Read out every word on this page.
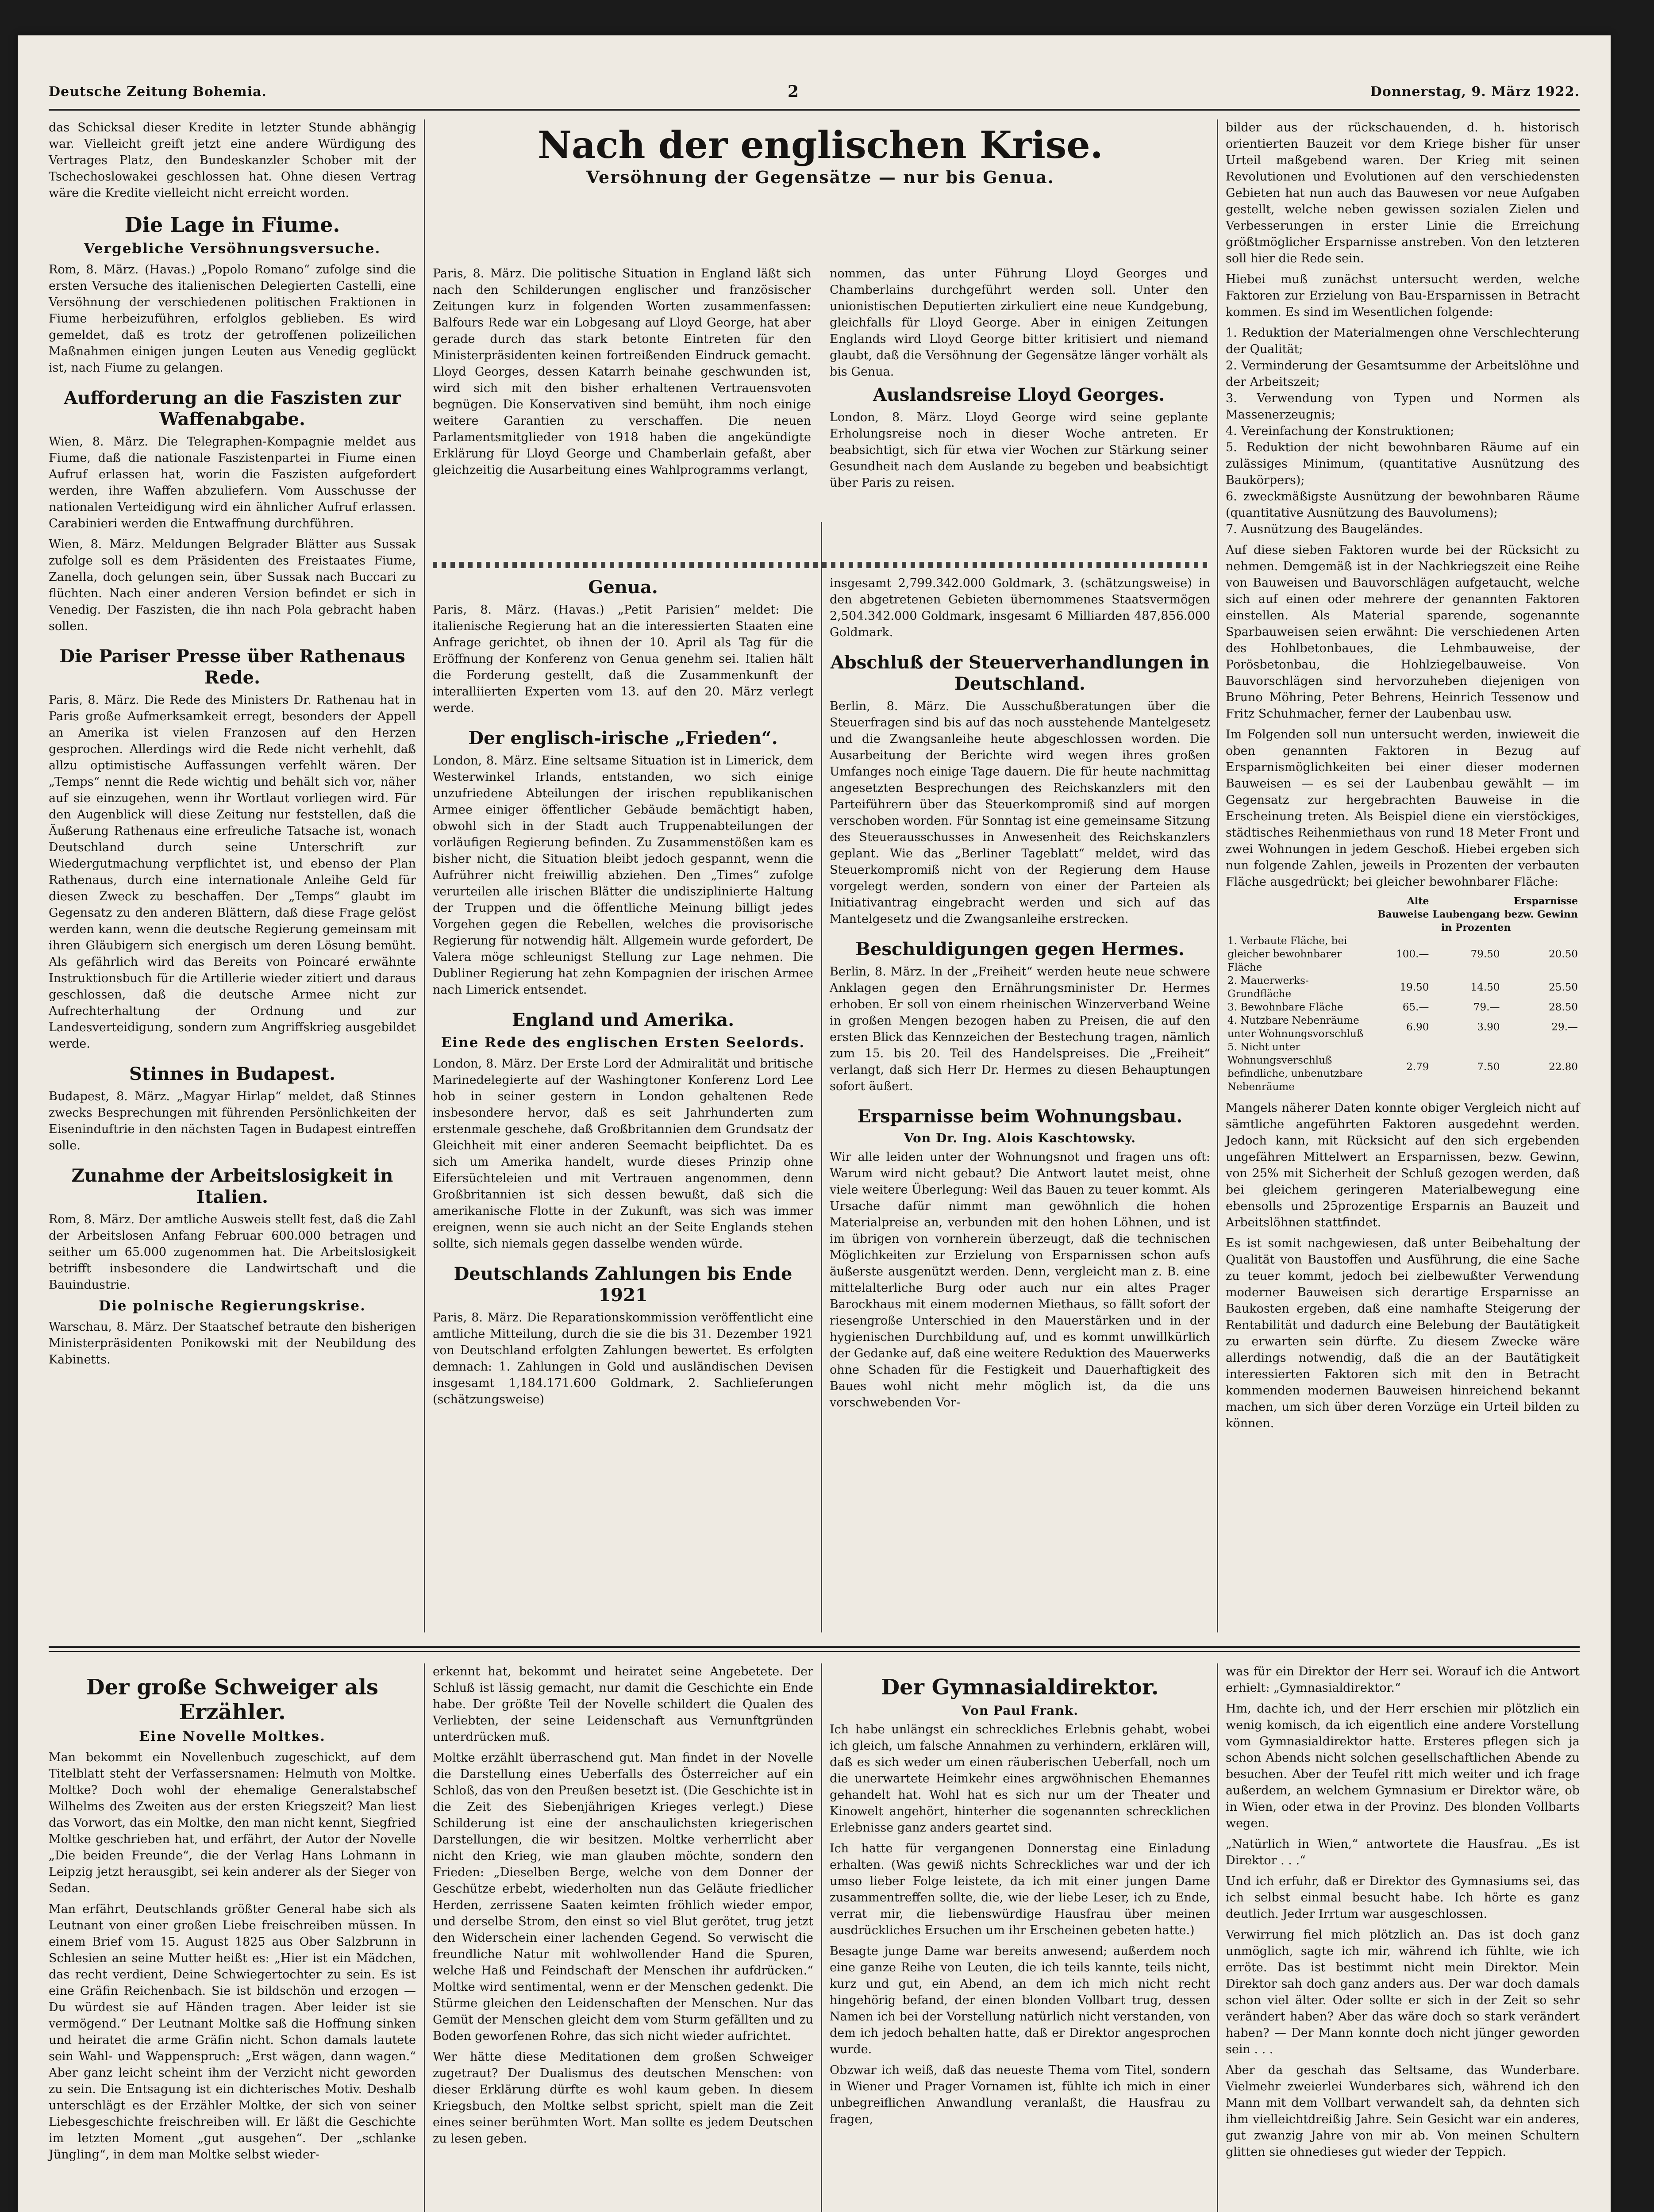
Deutsche Zeitung Bohemia.	2	Donnerstag, 9. März 1922.

das Schicksal dieser Kredite in letzter Stunde abhängig war. Vielleicht greift jetzt eine andere Würdigung des Vertrages Platz, den Bundeskanzler Schober mit der Tschechoslowakei geschlossen hat. Ohne diesen Vertrag wäre die Kredite vielleicht nicht erreicht worden.

Die Lage in Fiume.
Vergebliche Versöhnungsversuche.

Rom, 8. März. (Havas.) „Popolo Romano“ zufolge sind die ersten Versuche des italienischen Delegierten Castelli, eine Versöhnung der verschiedenen politischen Fraktionen in Fiume herbeizuführen, erfolglos geblieben. Es wird gemeldet, daß es trotz der getroffenen polizeilichen Maßnahmen einigen jungen Leuten aus Venedig geglückt ist, nach Fiume zu gelangen.

Aufforderung an die Faszisten zur Waffenabgabe.

Wien, 8. März. Die Telegraphen-Kompagnie meldet aus Fiume, daß die nationale Faszistenpartei in Fiume einen Aufruf erlassen hat, worin die Faszisten aufgefordert werden, ihre Waffen abzuliefern. Vom Ausschusse der nationalen Verteidigung wird ein ähnlicher Aufruf erlassen. Carabinieri werden die Entwaffnung durchführen.

Wien, 8. März. Meldungen Belgrader Blätter aus Sussak zufolge soll es dem Präsidenten des Freistaates Fiume, Zanella, doch gelungen sein, über Sussak nach Buccari zu flüchten. Nach einer anderen Version befindet er sich in Venedig. Der Faszisten, die ihn nach Pola gebracht haben sollen.

Die Pariser Presse über Rathenaus Rede.

Paris, 8. März. Die Rede des Ministers Dr. Rathenau hat in Paris große Aufmerksamkeit erregt, besonders der Appell an Amerika ist vielen Franzosen auf den Herzen gesprochen. Allerdings wird die Rede nicht verhehlt, daß allzu optimistische Auffassungen verfehlt wären. Der „Temps“ nennt die Rede wichtig und behält sich vor, näher auf sie einzugehen, wenn ihr Wortlaut vorliegen wird. Für den Augenblick will diese Zeitung nur feststellen, daß die Äußerung Rathenaus eine erfreuliche Tatsache ist, wonach Deutschland durch seine Unterschrift zur Wiedergutmachung verpflichtet ist, und ebenso der Plan Rathenaus, durch eine internationale Anleihe Geld für diesen Zweck zu beschaffen. Der „Temps“ glaubt im Gegensatz zu den anderen Blättern, daß diese Frage gelöst werden kann, wenn die deutsche Regierung gemeinsam mit ihren Gläubigern sich energisch um deren Lösung bemüht. Als gefährlich wird das Bereits von Poincaré erwähnte Instruktionsbuch für die Artillerie wieder zitiert und daraus geschlossen, daß die deutsche Armee nicht zur Aufrechterhaltung der Ordnung und zur Landesverteidigung, sondern zum Angriffskrieg ausgebildet werde.

Stinnes in Budapest.

Budapest, 8. März. „Magyar Hirlap“ meldet, daß Stinnes zwecks Besprechungen mit führenden Persönlichkeiten der Eiseninduftrie in den nächsten Tagen in Budapest eintreffen solle.

Zunahme der Arbeitslosigkeit in Italien.

Rom, 8. März. Der amtliche Ausweis stellt fest, daß die Zahl der Arbeitslosen Anfang Februar 600.000 betragen und seither um 65.000 zugenommen hat. Die Arbeitslosigkeit betrifft insbesondere die Landwirtschaft und die Bauindustrie.

Die polnische Regierungskrise.

Warschau, 8. März. Der Staatschef betraute den bisherigen Ministerpräsidenten Ponikowski mit der Neubildung des Kabinetts.

Nach der englischen Krise.
Versöhnung der Gegensätze — nur bis Genua.

Paris, 8. März. Die politische Situation in England läßt sich nach den Schilderungen englischer und französischer Zeitungen kurz in folgenden Worten zusammenfassen: Balfours Rede war ein Lobgesang auf Lloyd George, hat aber gerade durch das stark betonte Eintreten für den Ministerpräsidenten keinen fortreißenden Eindruck gemacht. Lloyd Georges, dessen Katarrh beinahe geschwunden ist, wird sich mit den bisher erhaltenen Vertrauensvoten begnügen. Die Konservativen sind bemüht, ihm noch einige weitere Garantien zu verschaffen. Die neuen Parlamentsmitglieder von 1918 haben die angekündigte Erklärung für Lloyd George und Chamberlain gefaßt, aber gleichzeitig die Ausarbeitung eines Wahlprogramms verlangt,

nommen, das unter Führung Lloyd Georges und Chamberlains durchgeführt werden soll. Unter den unionistischen Deputierten zirkuliert eine neue Kundgebung, gleichfalls für Lloyd George. Aber in einigen Zeitungen Englands wird Lloyd George bitter kritisiert und niemand glaubt, daß die Versöhnung der Gegensätze länger vorhält als bis Genua.

Auslandsreise Lloyd Georges.

London, 8. März. Lloyd George wird seine geplante Erholungsreise noch in dieser Woche antreten. Er beabsichtigt, sich für etwa vier Wochen zur Stärkung seiner Gesundheit nach dem Auslande zu begeben und beabsichtigt über Paris zu reisen.

Genua.

Paris, 8. März. (Havas.) „Petit Parisien“ meldet: Die italienische Regierung hat an die interessierten Staaten eine Anfrage gerichtet, ob ihnen der 10. April als Tag für die Eröffnung der Konferenz von Genua genehm sei. Italien hält die Forderung gestellt, daß die Zusammenkunft der interalliierten Experten vom 13. auf den 20. März verlegt werde.

Der englisch-irische „Frieden“.

London, 8. März. Eine seltsame Situation ist in Limerick, dem Westerwinkel Irlands, entstanden, wo sich einige unzufriedene Abteilungen der irischen republikanischen Armee einiger öffentlicher Gebäude bemächtigt haben, obwohl sich in der Stadt auch Truppenabteilungen der vorläufigen Regierung befinden. Zu Zusammenstößen kam es bisher nicht, die Situation bleibt jedoch gespannt, wenn die Aufrührer nicht freiwillig abziehen. Den „Times“ zufolge verurteilen alle irischen Blätter die undisziplinierte Haltung der Truppen und die öffentliche Meinung billigt jedes Vorgehen gegen die Rebellen, welches die provisorische Regierung für notwendig hält. Allgemein wurde gefordert, De Valera möge schleunigst Stellung zur Lage nehmen. Die Dubliner Regierung hat zehn Kompagnien der irischen Armee nach Limerick entsendet.

England und Amerika.
Eine Rede des englischen Ersten Seelords.

London, 8. März. Der Erste Lord der Admiralität und britische Marinedelegierte auf der Washingtoner Konferenz Lord Lee hob in seiner gestern in London gehaltenen Rede insbesondere hervor, daß es seit Jahrhunderten zum erstenmale geschehe, daß Großbritannien dem Grundsatz der Gleichheit mit einer anderen Seemacht beipflichtet. Da es sich um Amerika handelt, wurde dieses Prinzip ohne Eifersüchteleien und mit Vertrauen angenommen, denn Großbritannien ist sich dessen bewußt, daß sich die amerikanische Flotte in der Zukunft, was sich was immer ereignen, wenn sie auch nicht an der Seite Englands stehen sollte, sich niemals gegen dasselbe wenden würde.

Deutschlands Zahlungen bis Ende 1921

Paris, 8. März. Die Reparationskommission veröffentlicht eine amtliche Mitteilung, durch die sie die bis 31. Dezember 1921 von Deutschland erfolgten Zahlungen bewertet. Es erfolgten demnach: 1. Zahlungen in Gold und ausländischen Devisen insgesamt 1,184.171.600 Goldmark, 2. Sachlieferungen (schätzungsweise)

insgesamt 2,799.342.000 Goldmark, 3. (schätzungsweise) in den abgetretenen Gebieten übernommenes Staatsvermögen 2,504.342.000 Goldmark, insgesamt 6 Milliarden 487,856.000 Goldmark.

Abschluß der Steuerverhandlungen in Deutschland.

Berlin, 8. März. Die Ausschußberatungen über die Steuerfragen sind bis auf das noch ausstehende Mantelgesetz und die Zwangsanleihe heute abgeschlossen worden. Die Ausarbeitung der Berichte wird wegen ihres großen Umfanges noch einige Tage dauern. Die für heute nachmittag angesetzten Besprechungen des Reichskanzlers mit den Parteiführern über das Steuerkompromiß sind auf morgen verschoben worden. Für Sonntag ist eine gemeinsame Sitzung des Steuerausschusses in Anwesenheit des Reichskanzlers geplant. Wie das „Berliner Tageblatt“ meldet, wird das Steuerkompromiß nicht von der Regierung dem Hause vorgelegt werden, sondern von einer der Parteien als Initiativantrag eingebracht werden und sich auf das Mantelgesetz und die Zwangsanleihe erstrecken.

Beschuldigungen gegen Hermes.

Berlin, 8. März. In der „Freiheit“ werden heute neue schwere Anklagen gegen den Ernährungsminister Dr. Hermes erhoben. Er soll von einem rheinischen Winzerverband Weine in großen Mengen bezogen haben zu Preisen, die auf den ersten Blick das Kennzeichen der Bestechung tragen, nämlich zum 15. bis 20. Teil des Handelspreises. Die „Freiheit“ verlangt, daß sich Herr Dr. Hermes zu diesen Behauptungen sofort äußert.

Ersparnisse beim Wohnungsbau.
Von Dr. Ing. Alois Kaschtowsky.

Wir alle leiden unter der Wohnungsnot und fragen uns oft: Warum wird nicht gebaut? Die Antwort lautet meist, ohne viele weitere Überlegung: Weil das Bauen zu teuer kommt. Als Ursache dafür nimmt man gewöhnlich die hohen Materialpreise an, verbunden mit den hohen Löhnen, und ist im übrigen von vornherein überzeugt, daß die technischen Möglichkeiten zur Erzielung von Ersparnissen schon aufs äußerste ausgenützt werden. Denn, vergleicht man z. B. eine mittelalterliche Burg oder auch nur ein altes Prager Barockhaus mit einem modernen Miethaus, so fällt sofort der riesengroße Unterschied in den Mauerstärken und in der hygienischen Durchbildung auf, und es kommt unwillkürlich der Gedanke auf, daß eine weitere Reduktion des Mauerwerks ohne Schaden für die Festigkeit und Dauerhaftigkeit des Baues wohl nicht mehr möglich ist, da die uns vorschwebenden Vor-

bilder aus der rückschauenden, d. h. historisch orientierten Bauzeit vor dem Kriege bisher für unser Urteil maßgebend waren. Der Krieg mit seinen Revolutionen und Evolutionen auf den verschiedensten Gebieten hat nun auch das Bauwesen vor neue Aufgaben gestellt, welche neben gewissen sozialen Zielen und Verbesserungen in erster Linie die Erreichung größtmöglicher Ersparnisse anstreben. Von den letzteren soll hier die Rede sein.

Hiebei muß zunächst untersucht werden, welche Faktoren zur Erzielung von Bau-Ersparnissen in Betracht kommen. Es sind im Wesentlichen folgende:

1. Reduktion der Materialmengen ohne Verschlechterung der Qualität;

2. Verminderung der Gesamtsumme der Arbeitslöhne und der Arbeitszeit;

3. Verwendung von Typen und Normen als Massenerzeugnis;

4. Vereinfachung der Konstruktionen;

5. Reduktion der nicht bewohnbaren Räume auf ein zulässiges Minimum, (quantitative Ausnützung des Baukörpers);

6. zweckmäßigste Ausnützung der bewohnbaren Räume (quantitative Ausnützung des Bauvolumens);

7. Ausnützung des Baugeländes.

Auf diese sieben Faktoren wurde bei der Rücksicht zu nehmen. Demgemäß ist in der Nachkriegszeit eine Reihe von Bauweisen und Bauvorschlägen aufgetaucht, welche sich auf einen oder mehrere der genannten Faktoren einstellen. Als Material sparende, sogenannte Sparbauweisen seien erwähnt: Die verschiedenen Arten des Hohlbetonbaues, die Lehmbauweise, der Porösbetonbau, die Hohlziegelbauweise. Von Bauvorschlägen sind hervorzuheben diejenigen von Bruno Möhring, Peter Behrens, Heinrich Tessenow und Fritz Schuhmacher, ferner der Laubenbau usw.

Im Folgenden soll nun untersucht werden, inwieweit die oben genannten Faktoren in Bezug auf Ersparnismöglichkeiten bei einer dieser modernen Bauweisen — es sei der Laubenbau gewählt — im Gegensatz zur hergebrachten Bauweise in die Erscheinung treten. Als Beispiel diene ein vierstöckiges, städtisches Reihenmiethaus von rund 18 Meter Front und zwei Wohnungen in jedem Geschoß. Hiebei ergeben sich nun folgende Zahlen, jeweils in Prozenten der verbauten Fläche ausgedrückt; bei gleicher bewohnbarer Fläche:

	Alte Bauweise	Laubengang	Ersparnisse bezw. Gewinn
	in Prozenten		
1. Verbaute Fläche, bei gleicher bewohnbarer Fläche	100.—	79.50	20.50
2. Mauerwerks-Grundfläche	19.50	14.50	25.50
3. Bewohnbare Fläche	65.—	79.—	28.50
4. Nutzbare Nebenräume unter Wohnungsvorschluß	6.90	3.90	29.—
5. Nicht unter Wohnungsverschluß befindliche, unbenutzbare Nebenräume	2.79	7.50	22.80

Mangels näherer Daten konnte obiger Vergleich nicht auf sämtliche angeführten Faktoren ausgedehnt werden. Jedoch kann, mit Rücksicht auf den sich ergebenden ungefähren Mittelwert an Ersparnissen, bezw. Gewinn, von 25% mit Sicherheit der Schluß gezogen werden, daß bei gleichem geringeren Materialbewegung eine ebensolls und 25prozentige Ersparnis an Bauzeit und Arbeitslöhnen stattfindet.

Es ist somit nachgewiesen, daß unter Beibehaltung der Qualität von Baustoffen und Ausführung, die eine Sache zu teuer kommt, jedoch bei zielbewußter Verwendung moderner Bauweisen sich derartige Ersparnisse an Baukosten ergeben, daß eine namhafte Steigerung der Rentabilität und dadurch eine Belebung der Bautätigkeit zu erwarten sein dürfte. Zu diesem Zwecke wäre allerdings notwendig, daß die an der Bautätigkeit interessierten Faktoren sich mit den in Betracht kommenden modernen Bauweisen hinreichend bekannt machen, um sich über deren Vorzüge ein Urteil bilden zu können.

Der große Schweiger als Erzähler.
Eine Novelle Moltkes.

Man bekommt ein Novellenbuch zugeschickt, auf dem Titelblatt steht der Verfassersnamen: Helmuth von Moltke. Moltke? Doch wohl der ehemalige Generalstabschef Wilhelms des Zweiten aus der ersten Kriegszeit? Man liest das Vorwort, das ein Moltke, den man nicht kennt, Siegfried Moltke geschrieben hat, und erfährt, der Autor der Novelle „Die beiden Freunde“, die der Verlag Hans Lohmann in Leipzig jetzt herausgibt, sei kein anderer als der Sieger von Sedan.

Man erfährt, Deutschlands größter General habe sich als Leutnant von einer großen Liebe freischreiben müssen. In einem Brief vom 15. August 1825 aus Ober Salzbrunn in Schlesien an seine Mutter heißt es: „Hier ist ein Mädchen, das recht verdient, Deine Schwiegertochter zu sein. Es ist eine Gräfin Reichenbach. Sie ist bildschön und erzogen — Du würdest sie auf Händen tragen. Aber leider ist sie vermögend.“ Der Leutnant Moltke saß die Hoffnung sinken und heiratet die arme Gräfin nicht. Schon damals lautete sein Wahl- und Wappenspruch: „Erst wägen, dann wagen.“ Aber ganz leicht scheint ihm der Verzicht nicht geworden zu sein. Die Entsagung ist ein dichterisches Motiv. Deshalb unterschlägt es der Erzähler Moltke, der sich von seiner Liebesgeschichte freischreiben will. Er läßt die Geschichte im letzten Moment „gut ausgehen“. Der „schlanke Jüngling“, in dem man Moltke selbst wieder-

erkennt hat, bekommt und heiratet seine Angebetete. Der Schluß ist lässig gemacht, nur damit die Geschichte ein Ende habe. Der größte Teil der Novelle schildert die Qualen des Verliebten, der seine Leidenschaft aus Vernunftgründen unterdrücken muß.

Moltke erzählt überraschend gut. Man findet in der Novelle die Darstellung eines Ueberfalls des Österreicher auf ein Schloß, das von den Preußen besetzt ist. (Die Geschichte ist in die Zeit des Siebenjährigen Krieges verlegt.) Diese Schilderung ist eine der anschaulichsten kriegerischen Darstellungen, die wir besitzen. Moltke verherrlicht aber nicht den Krieg, wie man glauben möchte, sondern den Frieden: „Dieselben Berge, welche von dem Donner der Geschütze erbebt, wiederholten nun das Geläute friedlicher Herden, zerrissene Saaten keimten fröhlich wieder empor, und derselbe Strom, den einst so viel Blut gerötet, trug jetzt den Widerschein einer lachenden Gegend. So verwischt die freundliche Natur mit wohlwollender Hand die Spuren, welche Haß und Feindschaft der Menschen ihr aufdrücken.“ Moltke wird sentimental, wenn er der Menschen gedenkt. Die Stürme gleichen den Leidenschaften der Menschen. Nur das Gemüt der Menschen gleicht dem vom Sturm gefällten und zu Boden geworfenen Rohre, das sich nicht wieder aufrichtet.

Wer hätte diese Meditationen dem großen Schweiger zugetraut? Der Dualismus des deutschen Menschen: von dieser Erklärung dürfte es wohl kaum geben. In diesem Kriegsbuch, den Moltke selbst spricht, spielt man die Zeit eines seiner berühmten Wort. Man sollte es jedem Deutschen zu lesen geben.

Der Gymnasialdirektor.
Von Paul Frank.

Ich habe unlängst ein schreckliches Erlebnis gehabt, wobei ich gleich, um falsche Annahmen zu verhindern, erklären will, daß es sich weder um einen räuberischen Ueberfall, noch um die unerwartete Heimkehr eines argwöhnischen Ehemannes gehandelt hat. Wohl hat es sich nur um der Theater und Kinowelt angehört, hinterher die sogenannten schrecklichen Erlebnisse ganz anders geartet sind.

Ich hatte für vergangenen Donnerstag eine Einladung erhalten. (Was gewiß nichts Schreckliches war und der ich umso lieber Folge leistete, da ich mit einer jungen Dame zusammentreffen sollte, die, wie der liebe Leser, ich zu Ende, verrat mir, die liebenswürdige Hausfrau über meinen ausdrückliches Ersuchen um ihr Erscheinen gebeten hatte.)

Besagte junge Dame war bereits anwesend; außerdem noch eine ganze Reihe von Leuten, die ich teils kannte, teils nicht, kurz und gut, ein Abend, an dem ich mich nicht recht hingehörig befand, der einen blonden Vollbart trug, dessen Namen ich bei der Vorstellung natürlich nicht verstanden, von dem ich jedoch behalten hatte, daß er Direktor angesprochen wurde.

Obzwar ich weiß, daß das neueste Thema vom Titel, sondern in Wiener und Prager Vornamen ist, fühlte ich mich in einer unbegreiflichen Anwandlung veranlaßt, die Hausfrau zu fragen,

was für ein Direktor der Herr sei. Worauf ich die Antwort erhielt: „Gymnasialdirektor.“

Hm, dachte ich, und der Herr erschien mir plötzlich ein wenig komisch, da ich eigentlich eine andere Vorstellung vom Gymnasialdirektor hatte. Ersteres pflegen sich ja schon Abends nicht solchen gesellschaftlichen Abende zu besuchen. Aber der Teufel ritt mich weiter und ich frage außerdem, an welchem Gymnasium er Direktor wäre, ob in Wien, oder etwa in der Provinz. Des blonden Vollbarts wegen.

„Natürlich in Wien,“ antwortete die Hausfrau. „Es ist Direktor . . .“

Und ich erfuhr, daß er Direktor des Gymnasiums sei, das ich selbst einmal besucht habe. Ich hörte es ganz deutlich. Jeder Irrtum war ausgeschlossen.

Verwirrung fiel mich plötzlich an. Das ist doch ganz unmöglich, sagte ich mir, während ich fühlte, wie ich erröte. Das ist bestimmt nicht mein Direktor. Mein Direktor sah doch ganz anders aus. Der war doch damals schon viel älter. Oder sollte er sich in der Zeit so sehr verändert haben? Aber das wäre doch so stark verändert haben? — Der Mann konnte doch nicht jünger geworden sein . . .

Aber da geschah das Seltsame, das Wunderbare. Vielmehr zweierlei Wunderbares sich, während ich den Mann mit dem Vollbart verwandelt sah, da dehnten sich ihm vielleichtdreißig Jahre. Sein Gesicht war ein anderes, gut zwanzig Jahre von mir ab. Von meinen Schultern glitten sie ohnedieses gut wieder der Teppich.
